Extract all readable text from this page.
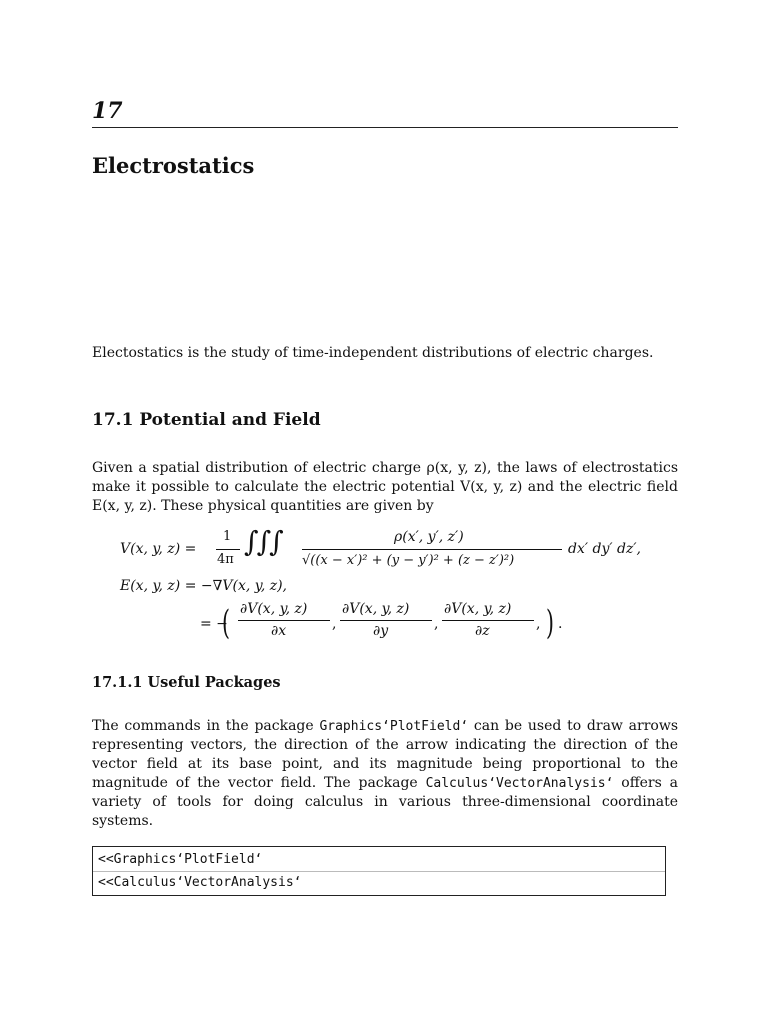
17
Electrostatics
Electostatics is the study of time-independent distributions of electric charges.
17.1 Potential and Field

Given a spatial distribution of electric charge ρ(x, y, z), the laws of electrostatics make it possible to calculate the electric potential V(x, y, z) and the electric field E(x, y, z). These physical quantities are given by

V(x, y, z) =
1
4π
∫∫∫	ρ(x′, y′, z′)
√((x − x′)² + (y − y′)² + (z − z′)²)
dx′ dy′ dz′,
E(x, y, z) = −∇V(x, y, z),
= −
( ∂V(x, y, z)
∂x	,
∂V(x, y, z)
∂y	,
∂V(x, y, z)
∂z	, ) .
17.1.1 Useful Packages

The commands in the package Graphics‘PlotField‘ can be used to draw arrows representing vectors, the direction of the arrow indicating the direction of the vector field at its base point, and its magnitude being proportional to the magnitude of the vector field. The package Calculus‘VectorAnalysis‘ offers a variety of tools for doing calculus in various three-dimensional coordinate systems.

<<Graphics‘PlotField‘
<<Calculus‘VectorAnalysis‘
